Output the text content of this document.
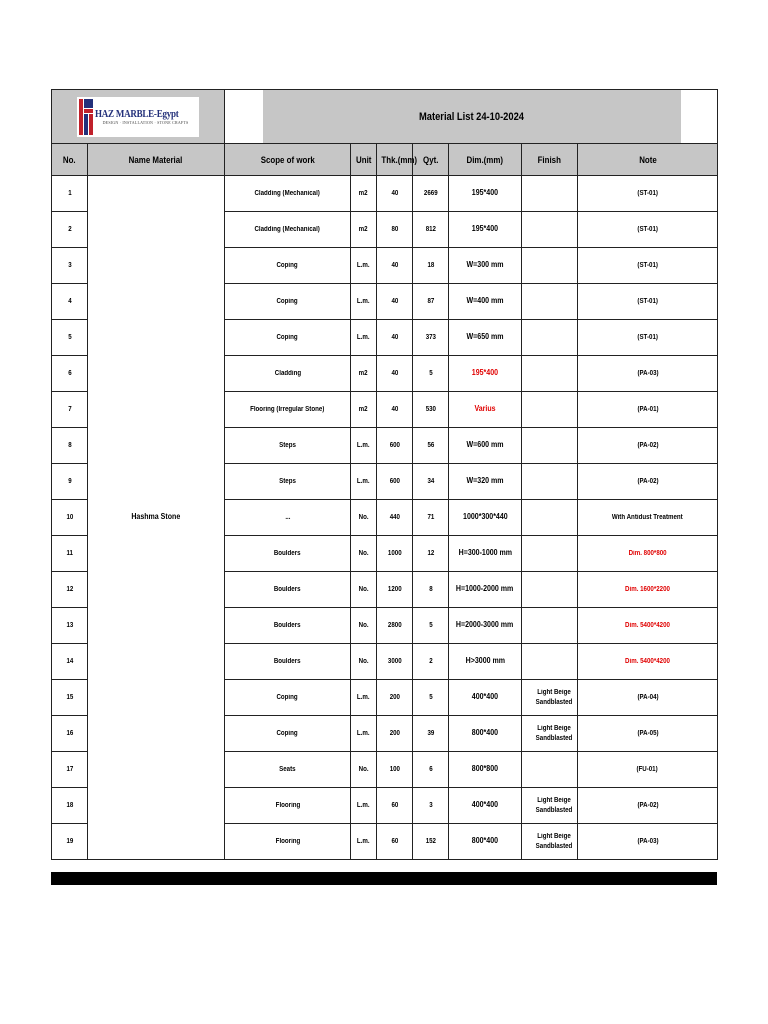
HAZ MARBLE-Egypt
DESIGN · INSTALLATION · STONE CRAFTS		Material List 24-10-2024						
No.	Name Material	Scope of work	Unit	Thk.(mm)	Qyt.	Dim.(mm)	Finish	Note
1	Hashma Stone	Cladding (Mechanical)	m2	40	2669	195*400		(ST-01)
2		Cladding (Mechanical)	m2	80	812	195*400		(ST-01)
3		Coping	L.m.	40	18	W=300 mm		(ST-01)
4		Coping	L.m.	40	87	W=400 mm		(ST-01)
5		Coping	L.m.	40	373	W=650 mm		(ST-01)
6		Cladding	m2	40	5	195*400		(PA-03)
7		Flooring (Irregular Stone)	m2	40	530	Varius		(PA-01)
8		Steps	L.m.	600	56	W=600 mm		(PA-02)
9		Steps	L.m.	600	34	W=320 mm		(PA-02)
10		...	No.	440	71	1000*300*440		With Antidust Treatment
11		Boulders	No.	1000	12	H=300-1000 mm		Dim. 800*800
12		Boulders	No.	1200	8	H=1000-2000 mm		Dim. 1600*2200
13		Boulders	No.	2800	5	H=2000-3000 mm		Dim. 5400*4200
14		Boulders	No.	3000	2	H>3000 mm		Dim. 5400*4200
15		Coping	L.m.	200	5	400*400	Light Beige Sandblasted	(PA-04)
16		Coping	L.m.	200	39	800*400	Light Beige Sandblasted	(PA-05)
17		Seats	No.	100	6	800*800		(FU-01)
18		Flooring	L.m.	60	3	400*400	Light Beige Sandblasted	(PA-02)
19		Flooring	L.m.	60	152	800*400	Light Beige Sandblasted	(PA-03)
